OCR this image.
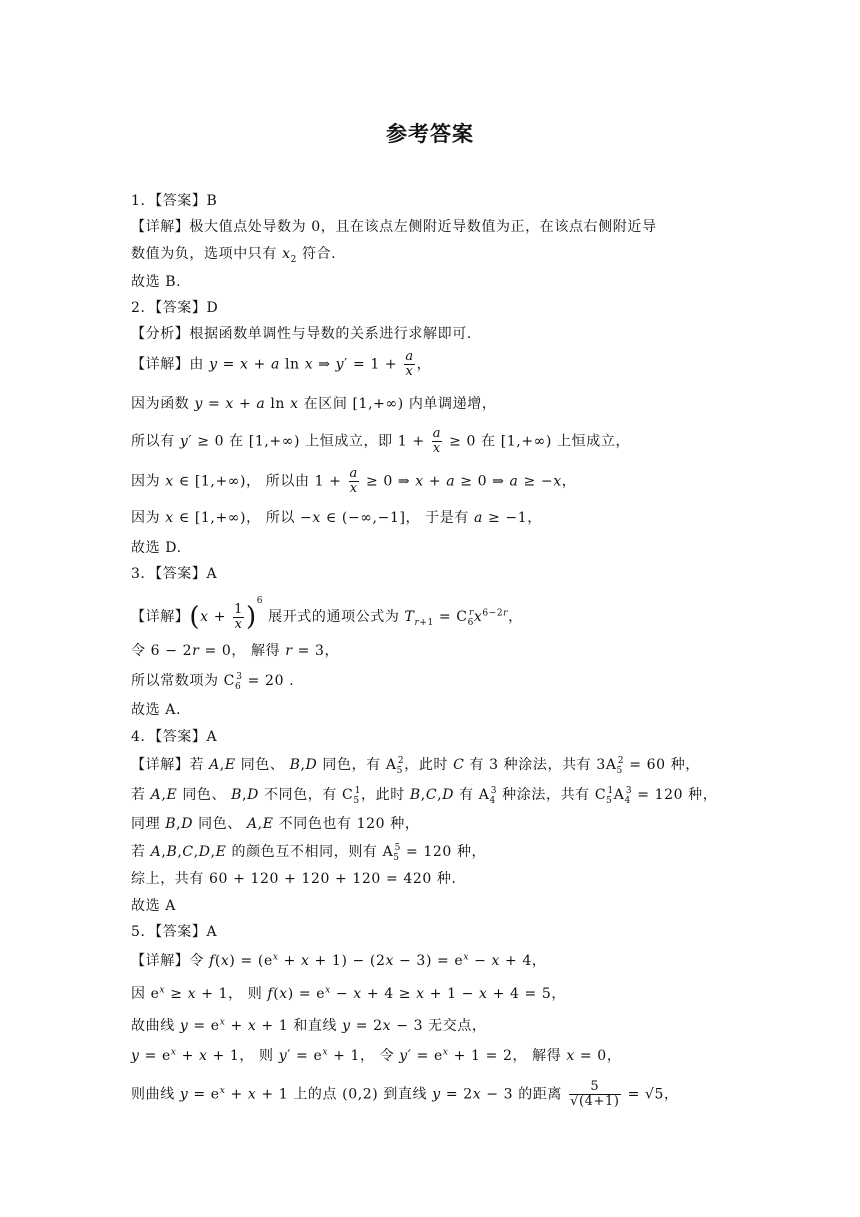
参考答案
1．【答案】B
【详解】极大值点处导数为 0，且在该点左侧附近导数值为正，在该点右侧附近导
数值为负，选项中只有 $x_2$ 符合.
故选 B.
2．【答案】D
【分析】根据函数单调性与导数的关系进行求解即可.
【详解】由 y = x + a ln x ⇒ $y' = 1 + \frac{a}{x}$ ，
因为函数 y = x + a ln x 在区间 [1,+∞) 内单调递增，
所以有 y′ ≥ 0 在 [1,+∞) 上恒成立，即 $1 + \frac{a}{x} \ge 0$ 在 [1,+∞) 上恒成立，
因为 x ∈ [1,+∞)， 所以由 $1 + \frac{a}{x} \ge 0$ ⇒ x + a ≥ 0 ⇒ a ≥ −x，
因为 x ∈ [1,+∞)， 所以 −x ∈ (−∞,−1]， 于是有 a ≥ −1，
故选 D.
3．【答案】A
【详解】$(x + \frac{1}{x} )^6$ 展开式的通项公式为 $T_{r+1} = C_6^rx^{6-2r}$，
令 6 − 2r = 0， 解得 r = 3，
所以常数项为 $C_6^3 = 20$ .
故选 A.
4．【答案】A
【详解】若 A,E 同色、 B,D 同色，有 $A_5^2$，此时 C 有 3 种涂法，共有 $3A_5^2 = 60$ 种，
若 A,E 同色、 B,D 不同色，有 $C_5^1$，此时 B,C,D 有 $A_4^3$ 种涂法，共有 $C_5^1A_4^3 = 120$ 种，
同理 B,D 同色、 A,E 不同色也有 120 种，
若 A,B,C,D,E 的颜色互不相同，则有 $A_5^5 = 120$ 种，
综上，共有 60 + 120 + 120 + 120 = 420 种.
故选 A
5．【答案】A
【详解】令 $f(x) = (e^x + x + 1) - (2x - 3) = e^x - x + 4$，
因 $e^x \ge x + 1$， 则 $f(x) = e^x - x + 4 \ge x + 1 - x + 4 = 5$，
故曲线 $y = e^x + x + 1$ 和直线 y = 2x − 3 无交点，
$y = e^x + x + 1$， 则 $y' = e^x + 1$， 令 $y' = e^x + 1 = 2$， 解得 x = 0，
则曲线 $y = e^x + x + 1$ 上的点 (0,2) 到直线 y = 2x − 3 的距离 $\frac{5}{√(4+1)} = √5$，
